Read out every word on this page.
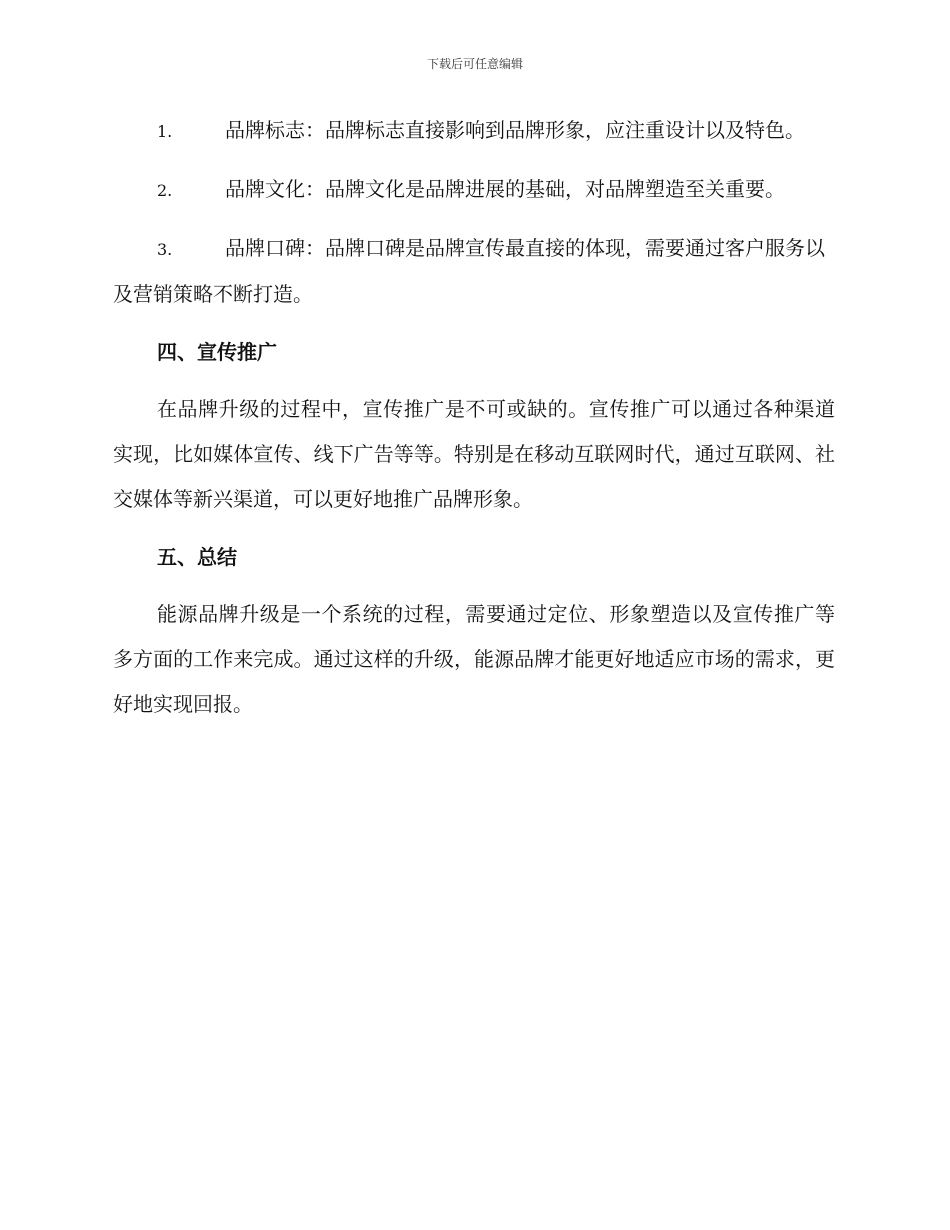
下载后可任意编辑

1.	品牌标志：品牌标志直接影响到品牌形象，应注重设计以及特色。

2.	品牌文化：品牌文化是品牌进展的基础，对品牌塑造至关重要。

3.	品牌口碑：品牌口碑是品牌宣传最直接的体现，需要通过客户服务以及营销策略不断打造。

四、宣传推广

在品牌升级的过程中，宣传推广是不可或缺的。宣传推广可以通过各种渠道实现，比如媒体宣传、线下广告等等。特别是在移动互联网时代，通过互联网、社交媒体等新兴渠道，可以更好地推广品牌形象。

五、总结

能源品牌升级是一个系统的过程，需要通过定位、形象塑造以及宣传推广等多方面的工作来完成。通过这样的升级，能源品牌才能更好地适应市场的需求，更好地实现回报。
